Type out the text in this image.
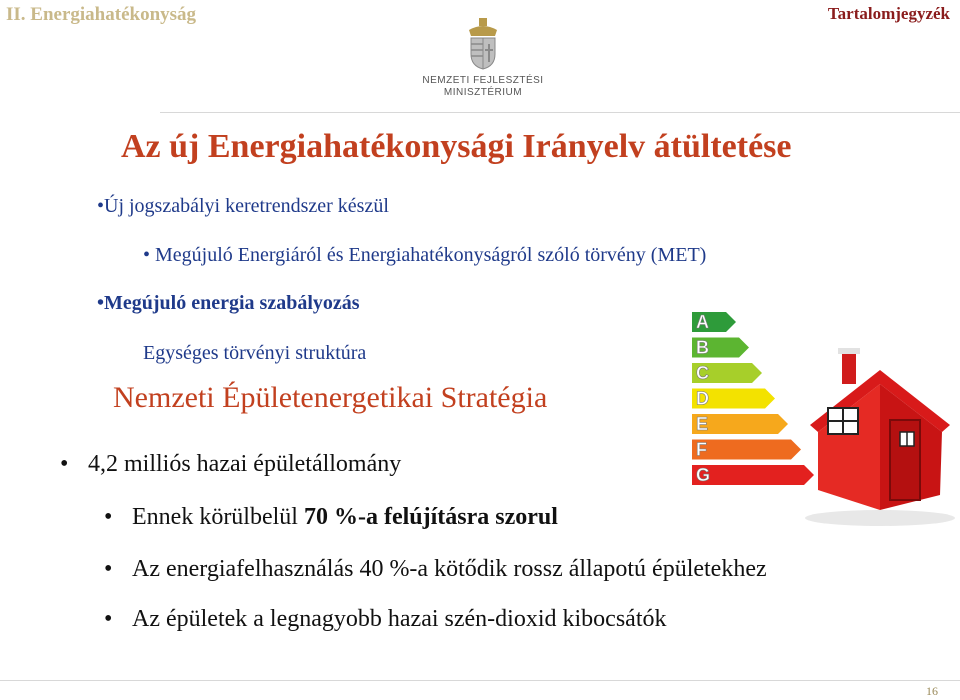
II. Energiahatékonyság	Tartalomjegyzék
NEMZETI FEJLESZTÉSI
MINISZTÉRIUM
Az új Energiahatékonysági Irányelv átültetése
•Új jogszabályi keretrendszer készül
• Megújuló Energiáról és Energiahatékonyságról szóló törvény (MET)
•Megújuló energia szabályozás
Egységes törvényi struktúra
Nemzeti Épületenergetikai Stratégia
• 4,2 milliós hazai épületállomány
• Ennek körülbelül 70 %-a felújításra szorul
• Az energiafelhasználás 40 %-a kötődik rossz állapotú épületekhez
• Az épületek a legnagyobb hazai szén-dioxid kibocsátók
A
B
C
D
E
F
G
16
